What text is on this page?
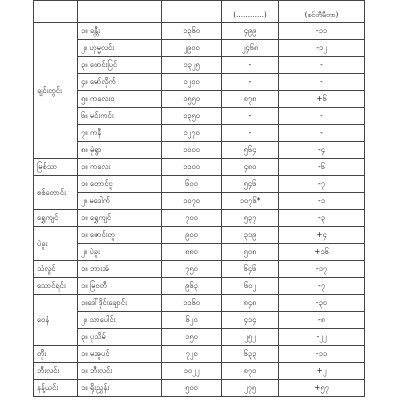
			(…………)	(စင်တီမီတာ)

ချင်းတွင်း	၁။ ခန္တီး	၁၃၆၀	၄၉၉	-၁၁
	၂။ ဟုမ္မလင်း	၂၉၀၀	၂၄၆၈	-၁၂
	၃။ ဖောင်းပြင်	၁၃၂၅	-	-
	၄။ မော်လိုက်	၁၂၀၀	-	-
	၅။ ကလေး၀	၁၅၅၀	၈၇၈	+၆
	၆။ မင်းကင်း	၁၃၅၀	-	-
	၇။ ကနီ	၁၂၇၀	-	-
	၈။ မုံရွာ	၁၀၀၀	၅၆၄	-၄
မြစ်သာ	၁။ ကလေး	၁၁၀၀	၄၈၀	-၆
စစ်တောင်း	၁။ တောင်ငူ	၆၀၀	၅၄၆	-၇
	၂။ မဒေါက်	၁၀၇၀	၁၀၇၆*	-၁
ရွှေကျင်	၁။ ရွှေကျင်	၇၀၀	၅၃၇	-၃
ပဲခူး	၁။ ဇောင်းတူ	၉၀၀	၃၁၉	+၄
	၂။ ပဲခူး	၈၈၀	၅၀၈	+၁၆
သံလွင်	၁။ ဘားအံ	၇၅၀	၆၄၆	-၁၇
သောင်ရင်း	၁။ မြဝတီ	၉၆၃	၆၀၂	-၇
ဝေနံ	၁။ဒေါ်ဒိုင်းချောင်း	၁၁၆၀	၈၄၈	-၃၀
	၂။ သာပေါင်း	၆၂၀	၄၁၄	-၈
	၃။ ပုသိမ်	၁၅၀	၂၅၂	-၂၂
တိုး	၁။ မအူပင်	၇၂၀	၆၃၃	-၁၁
ဘီးလင်း	၁။ ဘီးလင်း	၁၀၂၂	၈၇၀	+၂
နန့်ယင်း	၁။ ရိုးညွှန်း	၅၀၀	၂၇၅	+၅၇
